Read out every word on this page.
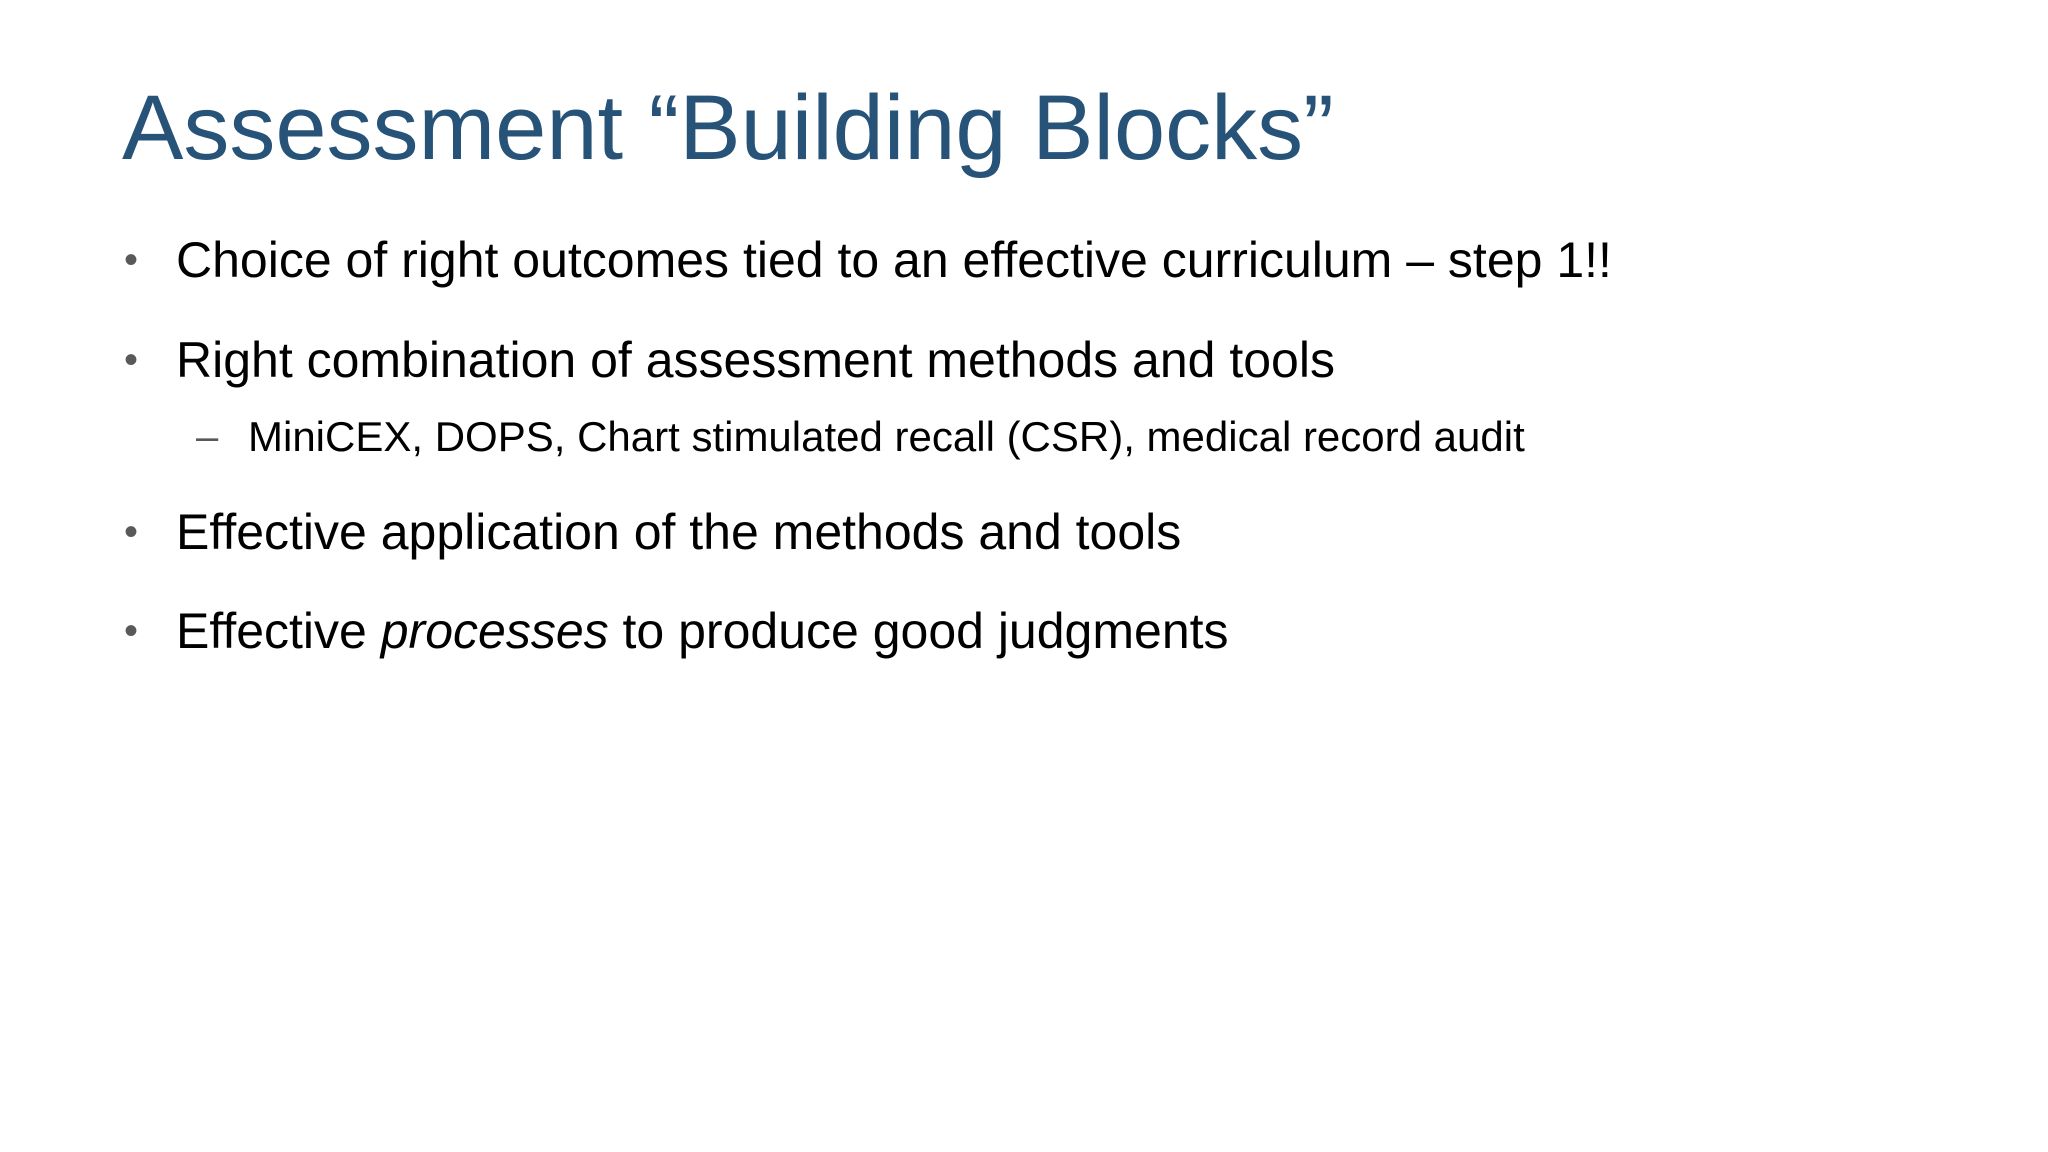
Assessment “Building Blocks”
• Choice of right outcomes tied to an effective curriculum – step 1!!
• Right combination of assessment methods and tools
– MiniCEX, DOPS, Chart stimulated recall (CSR), medical record audit
• Effective application of the methods and tools
• Effective processes to produce good judgments
